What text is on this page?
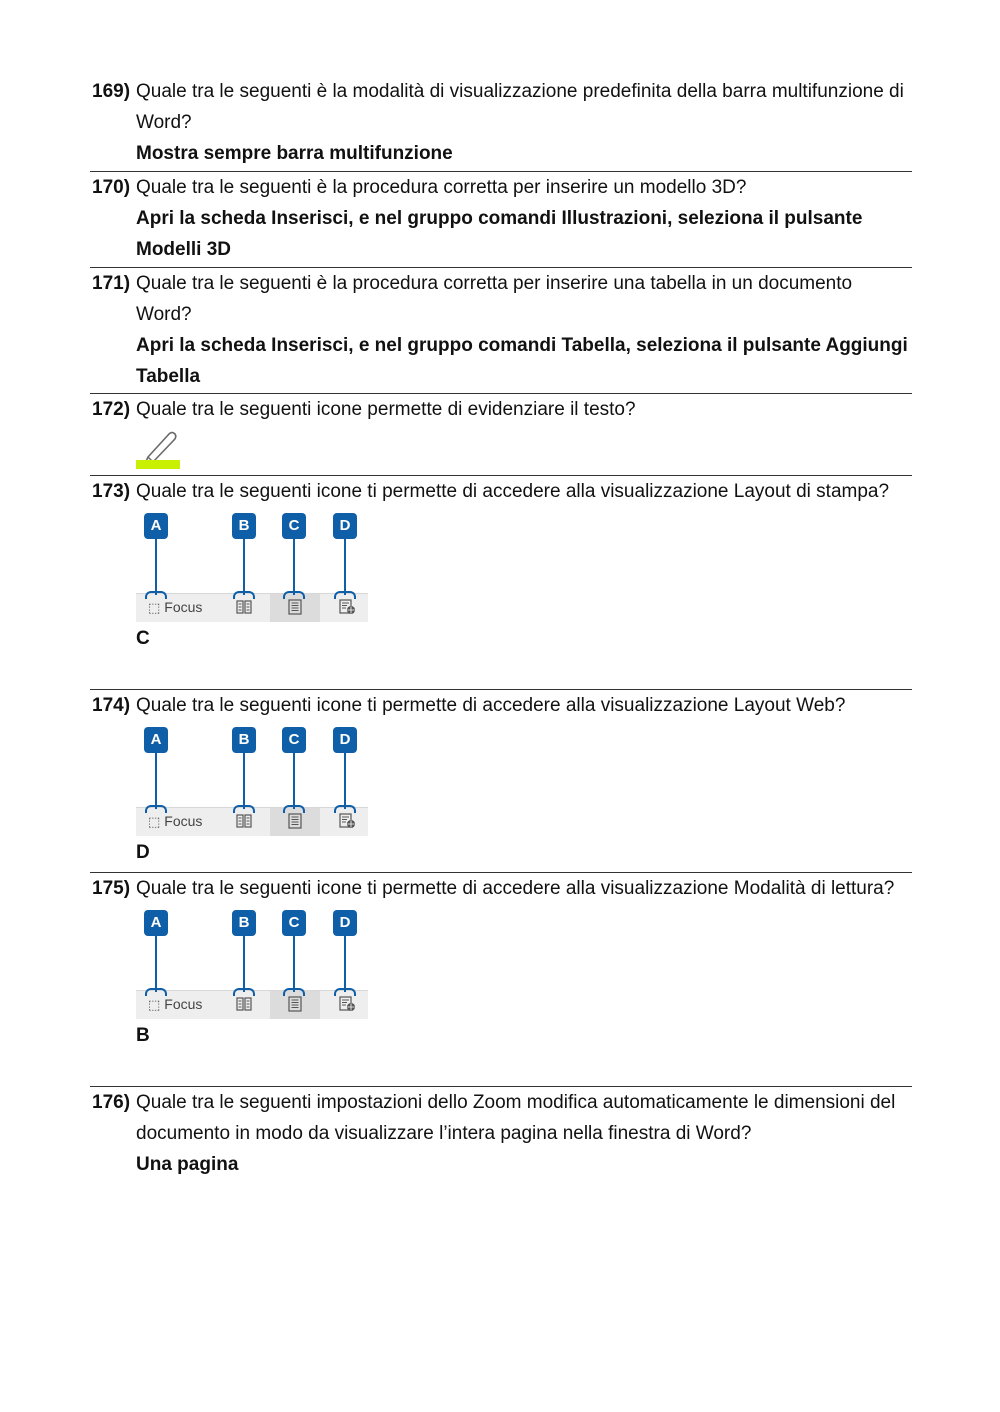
169) Quale tra le seguenti è la modalità di visualizzazione predefinita della barra multifunzione di Word?

Mostra sempre barra multifunzione

170) Quale tra le seguenti è la procedura corretta per inserire un modello 3D?

Apri la scheda Inserisci, e nel gruppo comandi Illustrazioni, seleziona il pulsante Modelli 3D

171) Quale tra le seguenti è la procedura corretta per inserire una tabella in un documento Word?

Apri la scheda Inserisci, e nel gruppo comandi Tabella, seleziona il pulsante Aggiungi Tabella

172) Quale tra le seguenti icone permette di evidenziare il testo?

173) Quale tra le seguenti icone ti permette di accedere alla visualizzazione Layout di stampa?

A	B	C	D
⬚ Focus

C

174) Quale tra le seguenti icone ti permette di accedere alla visualizzazione Layout Web?

A	B	C	D
⬚ Focus

D

175) Quale tra le seguenti icone ti permette di accedere alla visualizzazione Modalità di lettura?

A	B	C	D
⬚ Focus

B

176) Quale tra le seguenti impostazioni dello Zoom modifica automaticamente le dimensioni del documento in modo da visualizzare l’intera pagina nella finestra di Word?

Una pagina
